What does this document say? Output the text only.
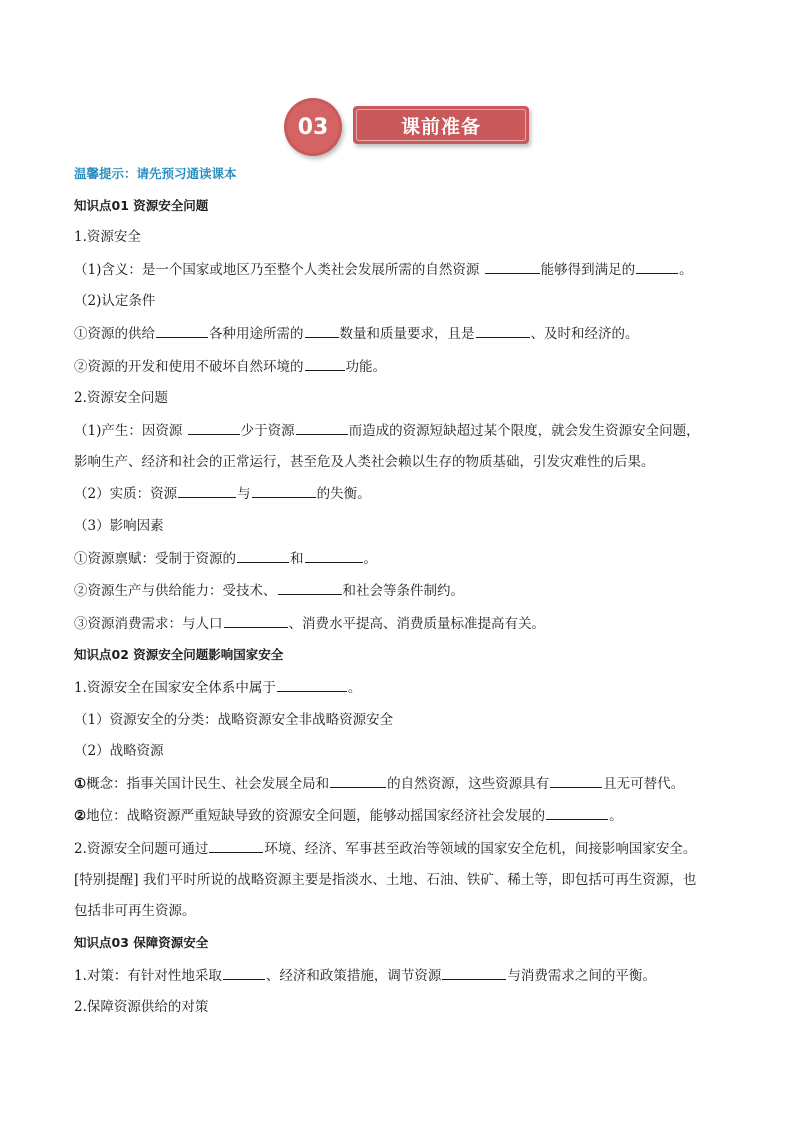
03	课前准备

温馨提示：请先预习通读课本

知识点01 资源安全问题

1.资源安全

（1)含义：是一个国家或地区乃至整个人类社会发展所需的自然资源	能够得到满足的	。

（2)认定条件

①资源的供给	各种用途所需的	数量和质量要求，且是	、及时和经济的。

②资源的开发和使用不破坏自然环境的	功能。

2.资源安全问题

（1)产生：因资源	少于资源	而造成的资源短缺超过某个限度，就会发生资源安全问题，
影响生产、经济和社会的正常运行，甚至危及人类社会赖以生存的物质基础，引发灾难性的后果。

（2）实质：资源	与	的失衡。

（3）影响因素

①资源禀赋：受制于资源的	和	。

②资源生产与供给能力：受技术、	和社会等条件制约。

③资源消费需求：与人口	、消费水平提高、消费质量标准提高有关。

知识点02 资源安全问题影响国家安全

1.资源安全在国家安全体系中属于	。

（1）资源安全的分类：战略资源安全非战略资源安全

（2）战略资源

①概念：指事关国计民生、社会发展全局和	的自然资源，这些资源具有	且无可替代。

②地位：战略资源严重短缺导致的资源安全问题，能够动摇国家经济社会发展的	。

2.资源安全问题可通过	环境、经济、军事甚至政治等领域的国家安全危机，间接影响国家安全。

[特别提醒] 我们平时所说的战略资源主要是指淡水、土地、石油、铁矿、稀土等，即包括可再生资源，也
包括非可再生资源。

知识点03 保障资源安全

1.对策：有针对性地采取	、经济和政策措施，调节资源	与消费需求之间的平衡。

2.保障资源供给的对策
